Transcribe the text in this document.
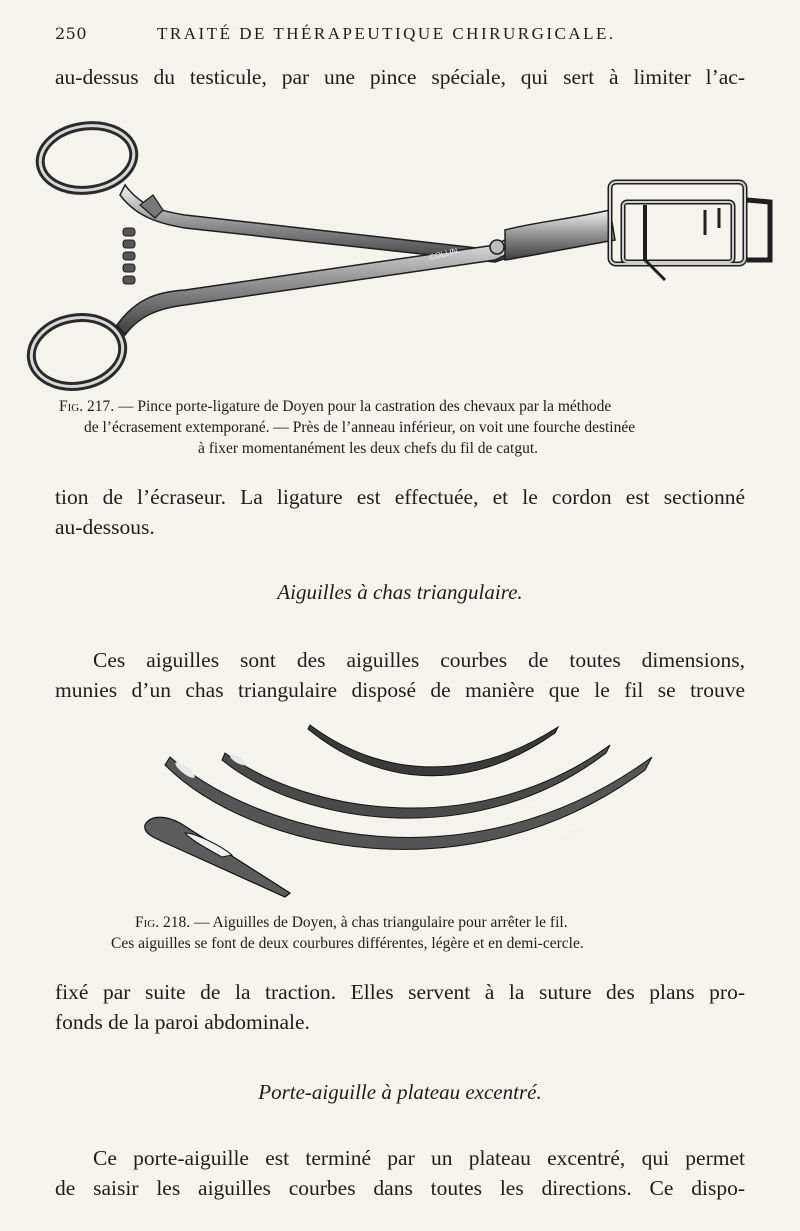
250	TRAITÉ DE THÉRAPEUTIQUE CHIRURGICALE.
au-dessus du testicule, par une pince spéciale, qui sert à limiter l’ac-
COLLIN
Fig. 217. — Pince porte-ligature de Doyen pour la castration des chevaux par la méthode
de l’écrasement extemporané. — Près de l’anneau inférieur, on voit une fourche destinée
à fixer momentanément les deux chefs du fil de catgut.
tion de l’écraseur. La ligature est effectuée, et le cordon est sectionné
au-dessous.
Aiguilles à chas triangulaire.
Ces aiguilles sont des aiguilles courbes de toutes dimensions,
munies d’un chas triangulaire disposé de manière que le fil se trouve
COLLIN
COLLIN
Fig. 218. — Aiguilles de Doyen, à chas triangulaire pour arrêter le fil.
Ces aiguilles se font de deux courbures différentes, légère et en demi-cercle.
fixé par suite de la traction. Elles servent à la suture des plans pro-
fonds de la paroi abdominale.
Porte-aiguille à plateau excentré.
Ce porte-aiguille est terminé par un plateau excentré, qui permet
de saisir les aiguilles courbes dans toutes les directions. Ce dispo-
